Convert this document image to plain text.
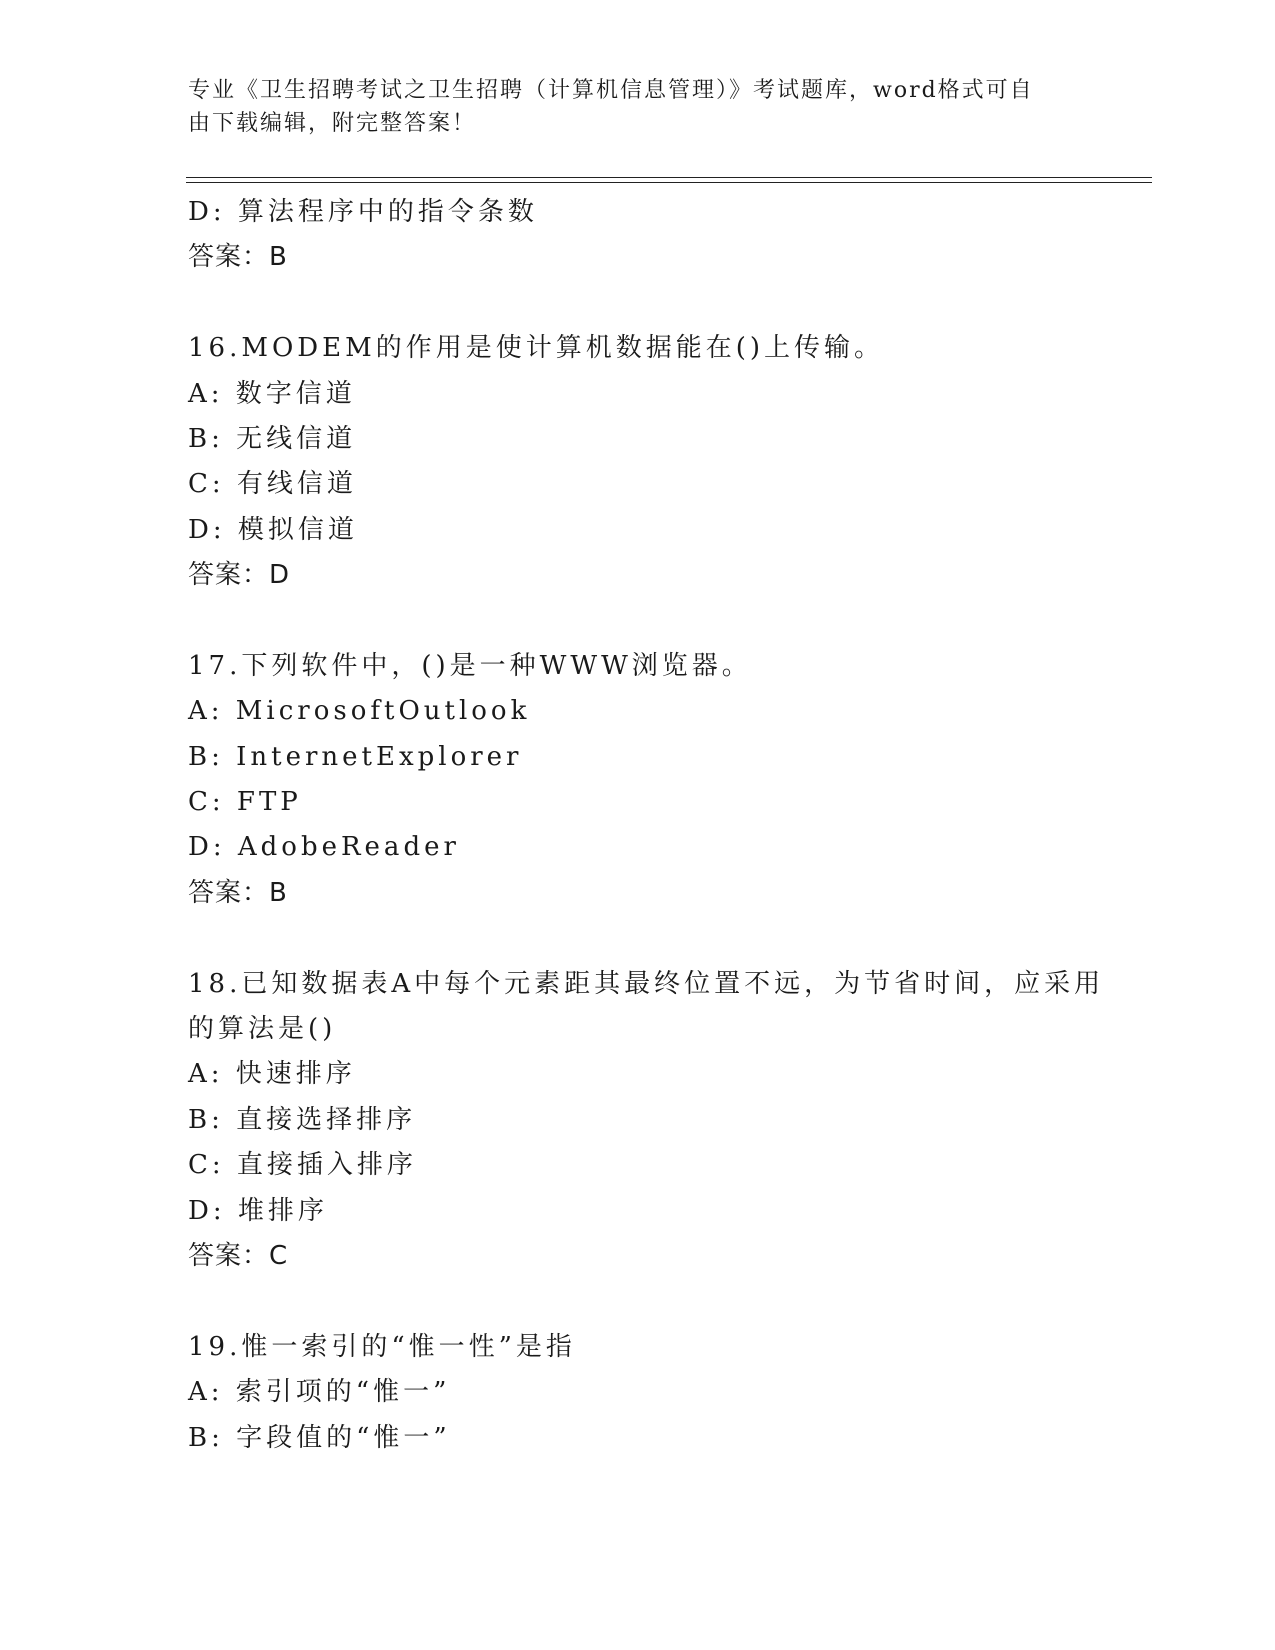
专业《卫生招聘考试之卫生招聘（计算机信息管理）》考试题库，word格式可自
由下载编辑，附完整答案！
D: 算法程序中的指令条数
答案：B
16.MODEM的作用是使计算机数据能在()上传输。
A: 数字信道
B: 无线信道
C: 有线信道
D: 模拟信道
答案：D
17.下列软件中，()是一种WWW浏览器。
A: MicrosoftOutlook
B: InternetExplorer
C: FTP
D: AdobeReader
答案：B
18.已知数据表A中每个元素距其最终位置不远，为节省时间，应采用
的算法是()
A: 快速排序
B: 直接选择排序
C: 直接插入排序
D: 堆排序
答案：C
19.惟一索引的“惟一性”是指
A: 索引项的“惟一”
B: 字段值的“惟一”
